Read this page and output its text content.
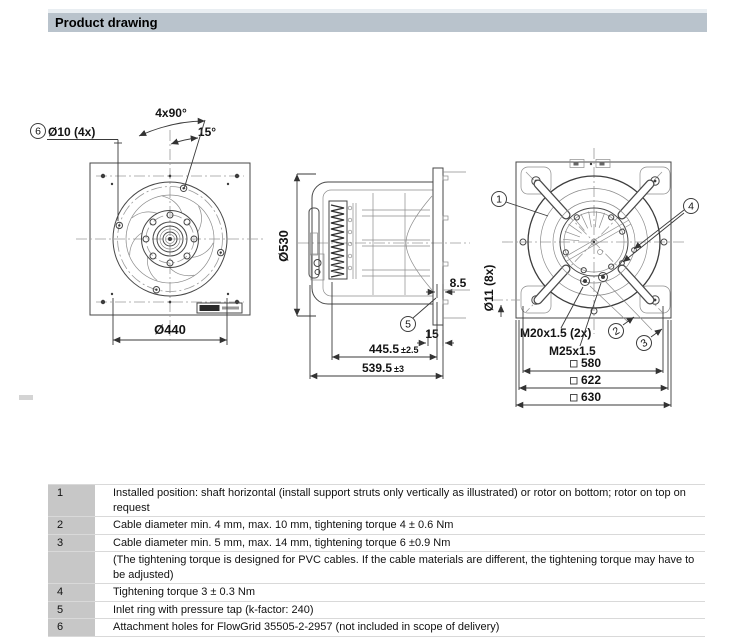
Product drawing
6 Ø10 (4x)
4x90°
15°
Ø440
Ø530
5
8.5
15
445.5 ±2.5
539.5 ±3
1
4
2
3
M20x1.5 (2x)
M25x1.5
Ø11 (8x)
580
622
630
1	Installed position: shaft horizontal (install support struts only vertically as illustrated) or rotor on bottom; rotor on top on request
2	Cable diameter min. 4 mm, max. 10 mm, tightening torque 4 ± 0.6 Nm
3	Cable diameter min. 5 mm, max. 14 mm, tightening torque 6 ±0.9 Nm
(The tightening torque is designed for PVC cables. If the cable materials are different, the tightening torque may have to be adjusted)
4	Tightening torque 3 ± 0.3 Nm
5	Inlet ring with pressure tap (k-factor: 240)
6	Attachment holes for FlowGrid 35505-2-2957 (not included in scope of delivery)
